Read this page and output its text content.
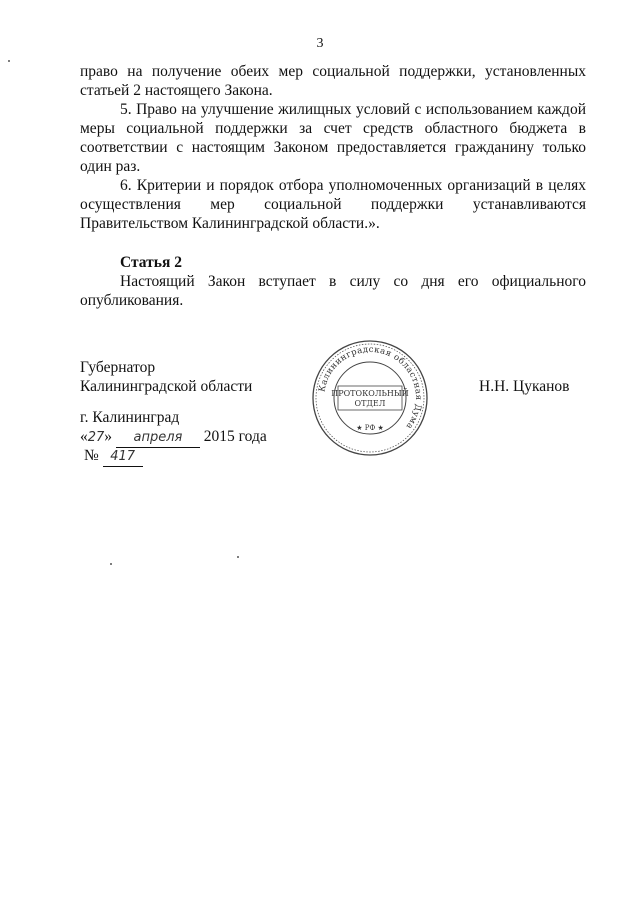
3

право на получение обеих мер социальной поддержки, установленных статьей 2 настоящего Закона.

5. Право на улучшение жилищных условий с использованием каждой меры социальной поддержки за счет средств областного бюджета в соответствии с настоящим Законом предоставляется гражданину только один раз.

6. Критерии и порядок отбора уполномоченных организаций в целях осуществления мер социальной поддержки устанавливаются Правительством Калининградской области.».

Статья 2

Настоящий Закон вступает в силу со дня его официального опубликования.

Губернатор
Калининградской области	Н.Н. Цуканов
г. Калининград
«27» апреля 2015 года
№ 417
Калининградская областная Дума
ПРОТОКОЛЬНЫЙ
ОТДЕЛ
★ РФ ★
